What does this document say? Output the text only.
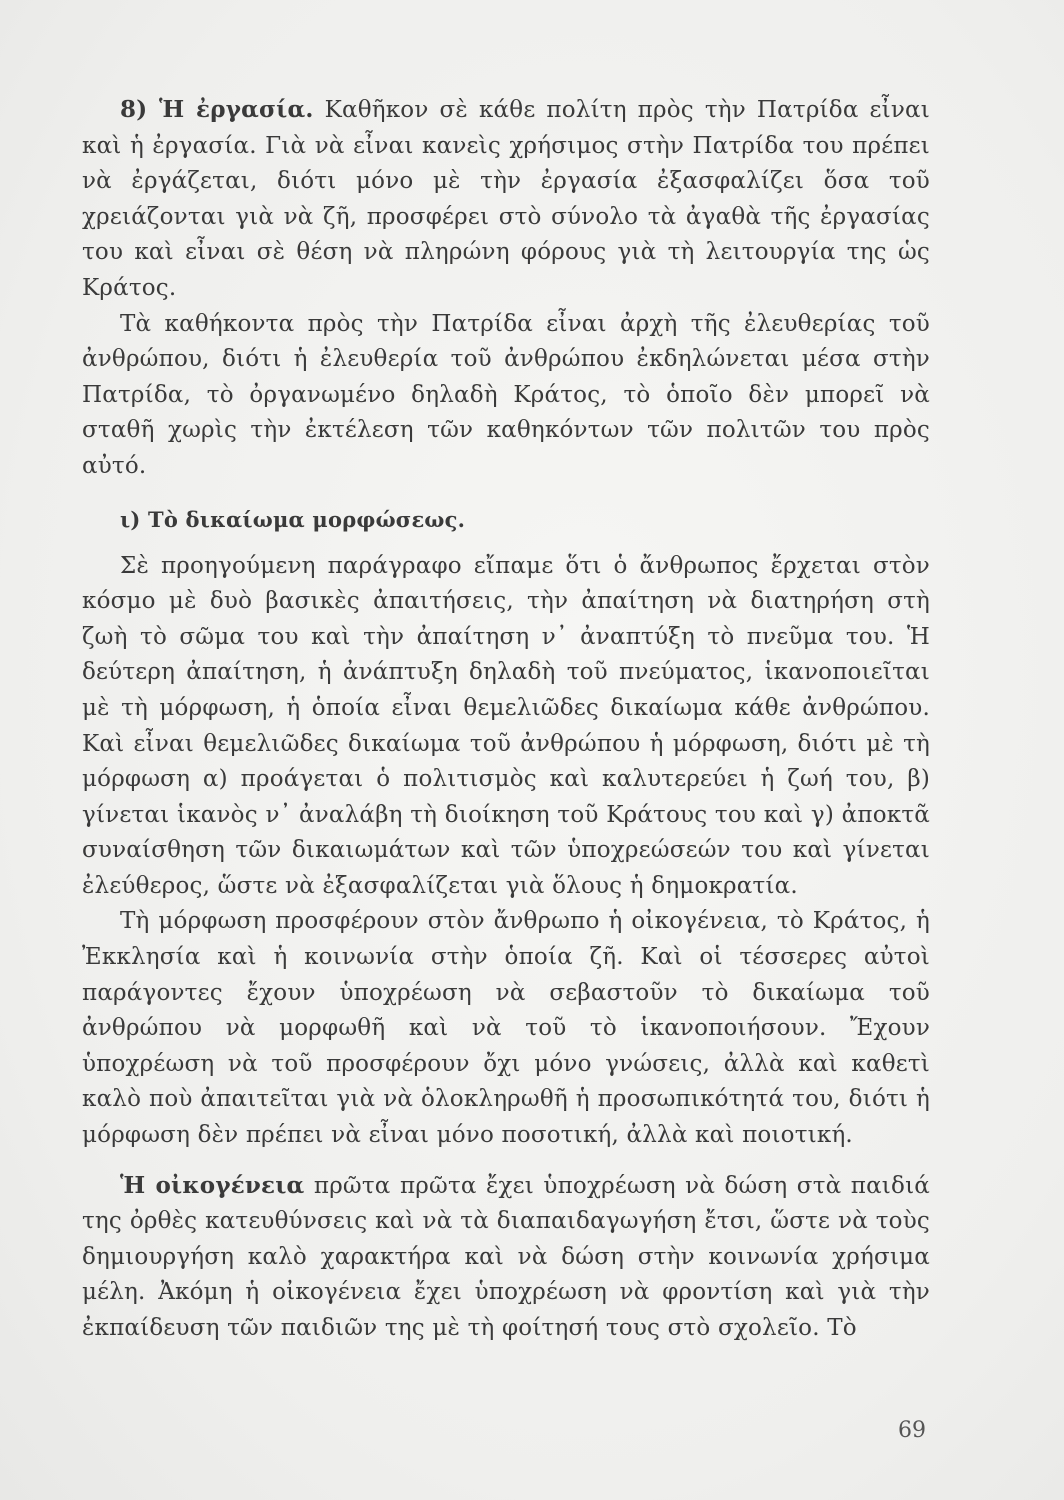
8) Ἡ ἐργασία. Καθῆκον σὲ κάθε πολίτη πρὸς τὴν Πατρίδα εἶναι καὶ ἡ ἐργασία. Γιὰ νὰ εἶναι κανεὶς χρήσιμος στὴν Πατρίδα του πρέπει νὰ ἐργάζεται, διότι μόνο μὲ τὴν ἐργασία ἐξασφαλίζει ὅσα τοῦ χρειάζονται γιὰ νὰ ζῆ, προσφέρει στὸ σύνολο τὰ ἀγαθὰ τῆς ἐργασίας του καὶ εἶναι σὲ θέση νὰ πληρώνη φόρους γιὰ τὴ λειτουργία της ὡς Κράτος.

Τὰ καθήκοντα πρὸς τὴν Πατρίδα εἶναι ἀρχὴ τῆς ἐλευθερίας τοῦ ἀνθρώπου, διότι ἡ ἐλευθερία τοῦ ἀνθρώπου ἐκδηλώνεται μέσα στὴν Πατρίδα, τὸ ὀργανωμένο δηλαδὴ Κράτος, τὸ ὁποῖο δὲν μπορεῖ νὰ σταθῆ χωρὶς τὴν ἐκτέλεση τῶν καθηκόντων τῶν πολιτῶν του πρὸς αὐτό.

ι) Τὸ δικαίωμα μορφώσεως.

Σὲ προηγούμενη παράγραφο εἴπαμε ὅτι ὁ ἄνθρωπος ἔρχεται στὸν κόσμο μὲ δυὸ βασικὲς ἀπαιτήσεις, τὴν ἀπαίτηση νὰ διατηρήση στὴ ζωὴ τὸ σῶμα του καὶ τὴν ἀπαίτηση ν᾿ ἀναπτύξη τὸ πνεῦμα του. Ἡ δεύτερη ἀπαίτηση, ἡ ἀνάπτυξη δηλαδὴ τοῦ πνεύματος, ἱκανοποιεῖται μὲ τὴ μόρφωση, ἡ ὁποία εἶναι θεμελιῶδες δικαίωμα κάθε ἀνθρώπου. Καὶ εἶναι θεμελιῶδες δικαίωμα τοῦ ἀνθρώπου ἡ μόρφωση, διότι μὲ τὴ μόρφωση α) προάγεται ὁ πολιτισμὸς καὶ καλυτερεύει ἡ ζωή του, β) γίνεται ἱκανὸς ν᾿ ἀναλάβη τὴ διοίκηση τοῦ Κράτους του καὶ γ) ἀποκτᾶ συναίσθηση τῶν δικαιωμάτων καὶ τῶν ὑποχρεώσεών του καὶ γίνεται ἐλεύθερος, ὥστε νὰ ἐξασφαλίζεται γιὰ ὅλους ἡ δημοκρατία.

Τὴ μόρφωση προσφέρουν στὸν ἄνθρωπο ἡ οἰκογένεια, τὸ Κράτος, ἡ Ἐκκλησία καὶ ἡ κοινωνία στὴν ὁποία ζῆ. Καὶ οἱ τέσσερες αὐτοὶ παράγοντες ἔχουν ὑποχρέωση νὰ σεβαστοῦν τὸ δικαίωμα τοῦ ἀνθρώπου νὰ μορφωθῆ καὶ νὰ τοῦ τὸ ἱκανοποιήσουν. Ἔχουν ὑποχρέωση νὰ τοῦ προσφέρουν ὄχι μόνο γνώσεις, ἀλλὰ καὶ καθετὶ καλὸ ποὺ ἀπαιτεῖται γιὰ νὰ ὁλοκληρωθῆ ἡ προσωπικότητά του, διότι ἡ μόρφωση δὲν πρέπει νὰ εἶναι μόνο ποσοτική, ἀλλὰ καὶ ποιοτική.

Ἡ οἰκογένεια πρῶτα πρῶτα ἔχει ὑποχρέωση νὰ δώση στὰ παιδιά της ὀρθὲς κατευθύνσεις καὶ νὰ τὰ διαπαιδαγωγήση ἔτσι, ὥστε νὰ τοὺς δημιουργήση καλὸ χαρακτήρα καὶ νὰ δώση στὴν κοινωνία χρήσιμα μέλη. Ἀκόμη ἡ οἰκογένεια ἔχει ὑποχρέωση νὰ φροντίση καὶ γιὰ τὴν ἐκπαίδευση τῶν παιδιῶν της μὲ τὴ φοίτησή τους στὸ σχολεῖο. Τὸ

69
